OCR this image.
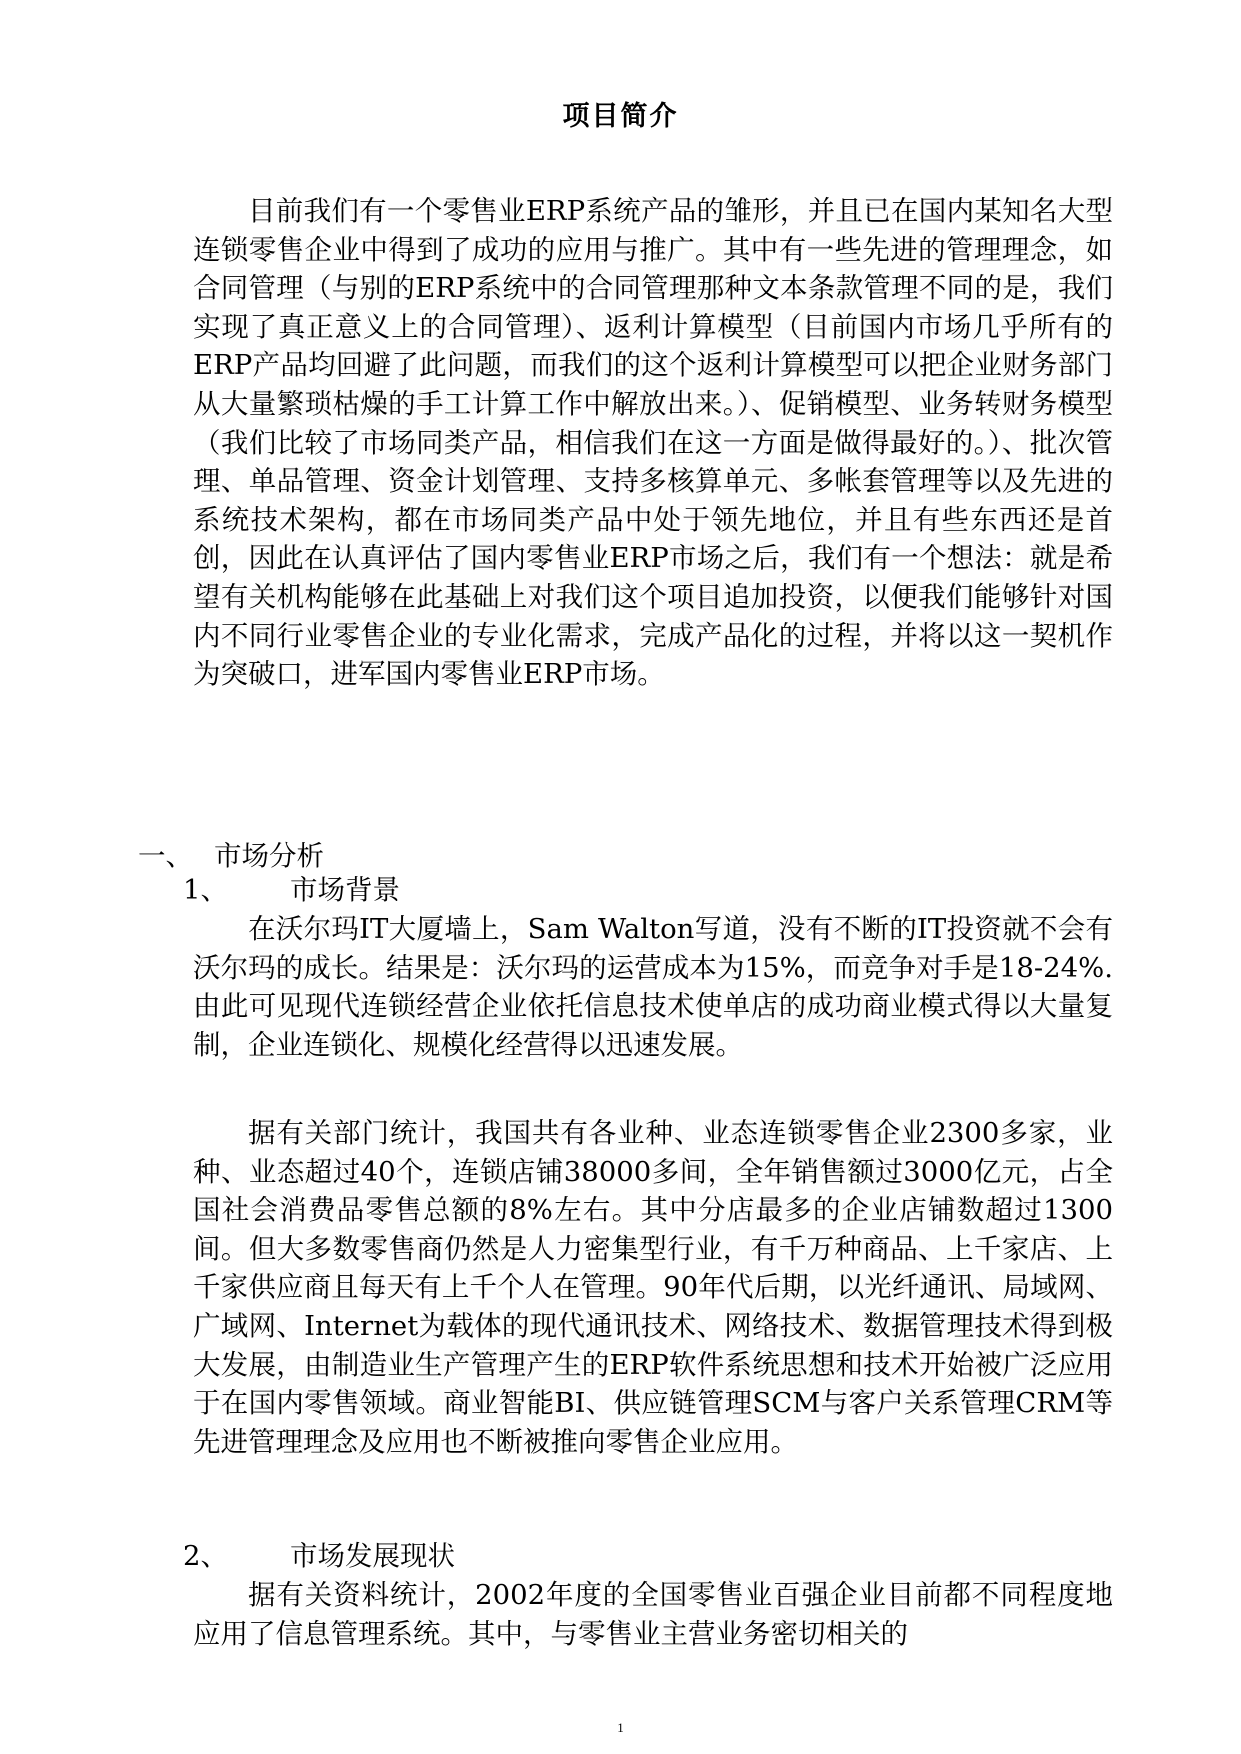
项目简介

目前我们有一个零售业ERP系统产品的雏形，并且已在国内某知名大型连锁零售企业中得到了成功的应用与推广。其中有一些先进的管理理念，如合同管理（与别的ERP系统中的合同管理那种文本条款管理不同的是，我们实现了真正意义上的合同管理）、返利计算模型（目前国内市场几乎所有的ERP产品均回避了此问题，而我们的这个返利计算模型可以把企业财务部门从大量繁琐枯燥的手工计算工作中解放出来。）、促销模型、业务转财务模型（我们比较了市场同类产品，相信我们在这一方面是做得最好的。）、批次管理、单品管理、资金计划管理、支持多核算单元、多帐套管理等以及先进的系统技术架构，都在市场同类产品中处于领先地位，并且有些东西还是首创，因此在认真评估了国内零售业ERP市场之后，我们有一个想法：就是希望有关机构能够在此基础上对我们这个项目追加投资，以便我们能够针对国内不同行业零售企业的专业化需求，完成产品化的过程，并将以这一契机作为突破口，进军国内零售业ERP市场。

一、 市场分析
1、 市场背景

在沃尔玛IT大厦墙上，Sam Walton写道，没有不断的IT投资就不会有沃尔玛的成长。结果是：沃尔玛的运营成本为15%，而竞争对手是18-24%.由此可见现代连锁经营企业依托信息技术使单店的成功商业模式得以大量复制，企业连锁化、规模化经营得以迅速发展。

据有关部门统计，我国共有各业种、业态连锁零售企业2300多家，业种、业态超过40个，连锁店铺38000多间，全年销售额过3000亿元，占全国社会消费品零售总额的8%左右。其中分店最多的企业店铺数超过1300间。但大多数零售商仍然是人力密集型行业，有千万种商品、上千家店、上千家供应商且每天有上千个人在管理。90年代后期，以光纤通讯、局域网、广域网、Internet为载体的现代通讯技术、网络技术、数据管理技术得到极大发展，由制造业生产管理产生的ERP软件系统思想和技术开始被广泛应用于在国内零售领域。商业智能BI、供应链管理SCM与客户关系管理CRM等先进管理理念及应用也不断被推向零售企业应用。

2、 市场发展现状

据有关资料统计，2002年度的全国零售业百强企业目前都不同程度地应用了信息管理系统。其中，与零售业主营业务密切相关的

1
